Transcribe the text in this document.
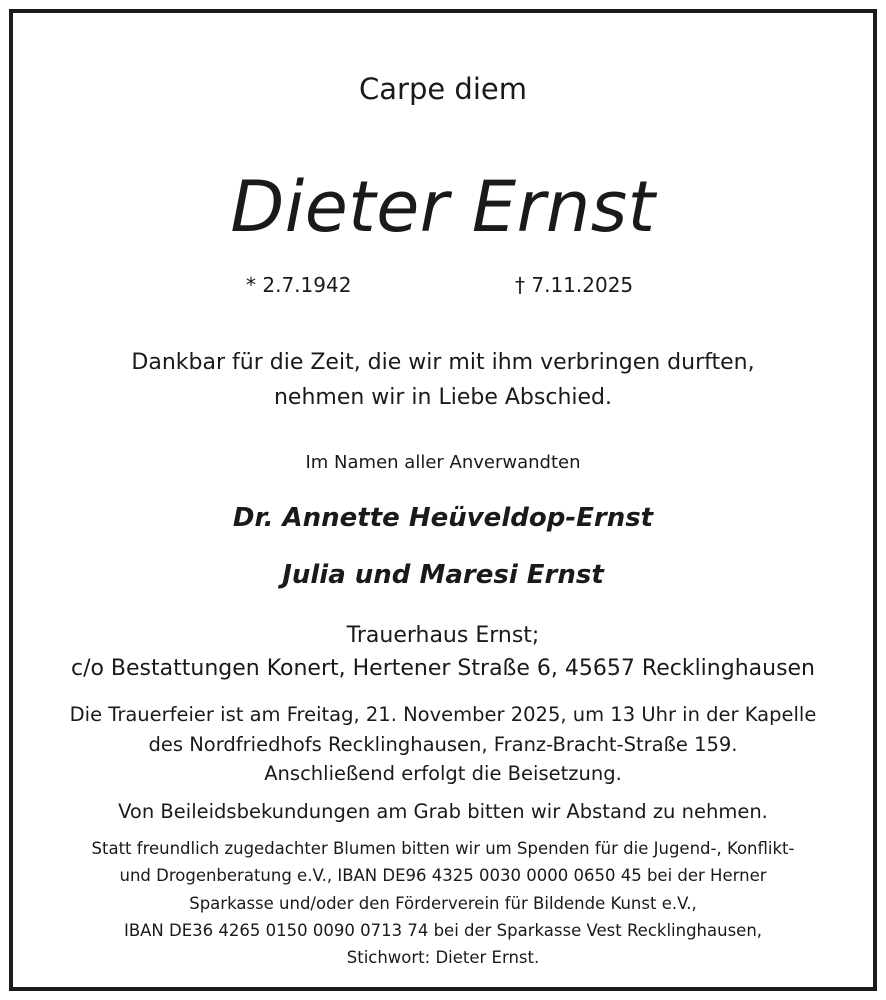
Carpe diem
Dieter Ernst
* 2.7.1942	† 7.11.2025
Dankbar für die Zeit, die wir mit ihm verbringen durften,
nehmen wir in Liebe Abschied.
Im Namen aller Anverwandten
Dr. Annette Heüveldop-Ernst
Julia und Maresi Ernst
Trauerhaus Ernst;
c/o Bestattungen Konert, Hertener Straße 6, 45657 Recklinghausen
Die Trauerfeier ist am Freitag, 21. November 2025, um 13 Uhr in der Kapelle
des Nordfriedhofs Recklinghausen, Franz-Bracht-Straße 159.
Anschließend erfolgt die Beisetzung.
Von Beileidsbekundungen am Grab bitten wir Abstand zu nehmen.
Statt freundlich zugedachter Blumen bitten wir um Spenden für die Jugend-, Konflikt-
und Drogenberatung e.V., IBAN DE96 4325 0030 0000 0650 45 bei der Herner
Sparkasse und/oder den Förderverein für Bildende Kunst e.V.,
IBAN DE36 4265 0150 0090 0713 74 bei der Sparkasse Vest Recklinghausen,
Stichwort: Dieter Ernst.
